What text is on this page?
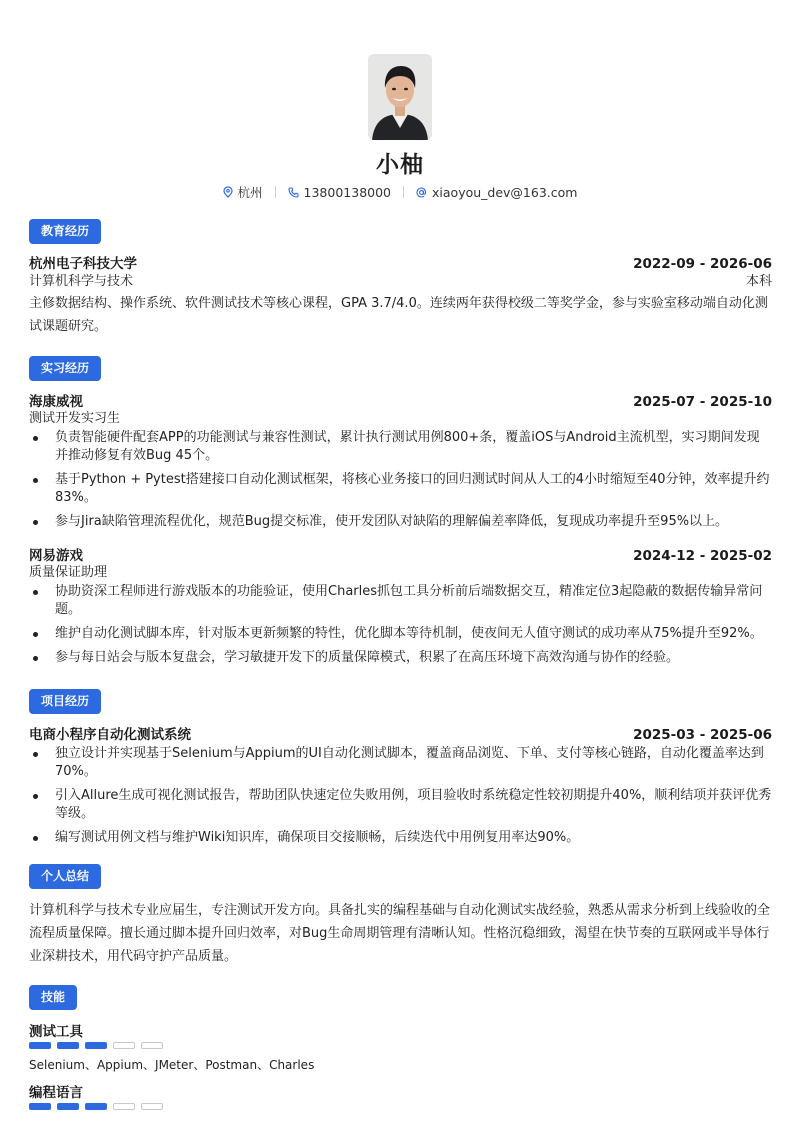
小柚
杭州	13800138000	xiaoyou_dev@163.com
教育经历
杭州电子科技大学	2022-09 - 2026-06
计算机科学与技术	本科
主修数据结构、操作系统、软件测试技术等核心课程，GPA 3.7/4.0。连续两年获得校级二等奖学金，参与实验室移动端自动化测试课题研究。
实习经历
海康威视	2025-07 - 2025-10
测试开发实习生
负责智能硬件配套APP的功能测试与兼容性测试，累计执行测试用例800+条，覆盖iOS与Android主流机型，实习期间发现并推动修复有效Bug 45个。
基于Python + Pytest搭建接口自动化测试框架，将核心业务接口的回归测试时间从人工的4小时缩短至40分钟，效率提升约83%。
参与Jira缺陷管理流程优化，规范Bug提交标准，使开发团队对缺陷的理解偏差率降低，复现成功率提升至95%以上。
网易游戏	2024-12 - 2025-02
质量保证助理
协助资深工程师进行游戏版本的功能验证，使用Charles抓包工具分析前后端数据交互，精准定位3起隐蔽的数据传输异常问题。
维护自动化测试脚本库，针对版本更新频繁的特性，优化脚本等待机制，使夜间无人值守测试的成功率从75%提升至92%。
参与每日站会与版本复盘会，学习敏捷开发下的质量保障模式，积累了在高压环境下高效沟通与协作的经验。
项目经历
电商小程序自动化测试系统	2025-03 - 2025-06
独立设计并实现基于Selenium与Appium的UI自动化测试脚本，覆盖商品浏览、下单、支付等核心链路，自动化覆盖率达到70%。
引入Allure生成可视化测试报告，帮助团队快速定位失败用例，项目验收时系统稳定性较初期提升40%，顺利结项并获评优秀等级。
编写测试用例文档与维护Wiki知识库，确保项目交接顺畅，后续迭代中用例复用率达90%。
个人总结
计算机科学与技术专业应届生，专注测试开发方向。具备扎实的编程基础与自动化测试实战经验，熟悉从需求分析到上线验收的全流程质量保障。擅长通过脚本提升回归效率，对Bug生命周期管理有清晰认知。性格沉稳细致，渴望在快节奏的互联网或半导体行业深耕技术，用代码守护产品质量。
技能
测试工具
Selenium、Appium、JMeter、Postman、Charles
编程语言
